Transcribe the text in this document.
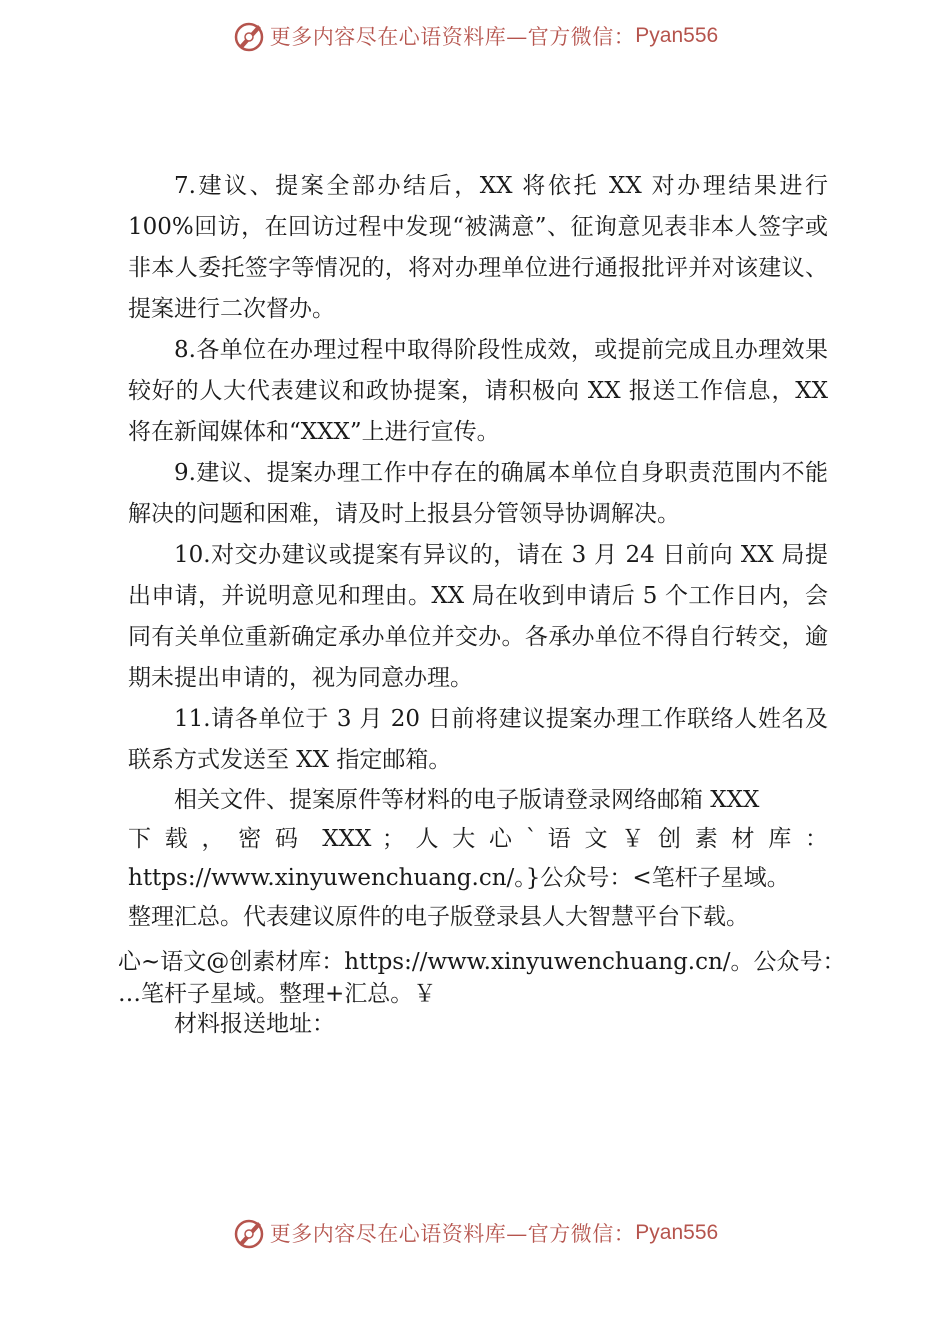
更多内容尽在心语资料库—官方微信： Pyan556

7.建议、提案全部办结后，XX 将依托 XX 对办理结果进行100%回访，在回访过程中发现“被满意”、征询意见表非本人签字或非本人委托签字等情况的，将对办理单位进行通报批评并对该建议、提案进行二次督办。

8.各单位在办理过程中取得阶段性成效，或提前完成且办理效果较好的人大代表建议和政协提案，请积极向 XX 报送工作信息，XX 将在新闻媒体和“XXX”上进行宣传。

9.建议、提案办理工作中存在的确属本单位自身职责范围内不能解决的问题和困难，请及时上报县分管领导协调解决。

10.对交办建议或提案有异议的，请在 3 月 24 日前向 XX 局提出申请，并说明意见和理由。XX 局在收到申请后 5 个工作日内，会同有关单位重新确定承办单位并交办。各承办单位不得自行转交，逾期未提出申请的，视为同意办理。

11.请各单位于 3 月 20 日前将建议提案办理工作联络人姓名及联系方式发送至 XX 指定邮箱。

相关文件、提案原件等材料的电子版请登录网络邮箱 XXX
下 载 ， 密 码  XXX ； 人 大 心 ` 语 文 ￥ 创 素 材 库 ：
https://www.xinyuwenchuang.cn/。}公众号：<笔杆子星域。
整理汇总。代表建议原件的电子版登录县人大智慧平台下载。
心~语文@创素材库：https://www.xinyuwenchuang.cn/。公众号：
…笔杆子星域。整理+汇总。￥

材料报送地址：

更多内容尽在心语资料库—官方微信： Pyan556
